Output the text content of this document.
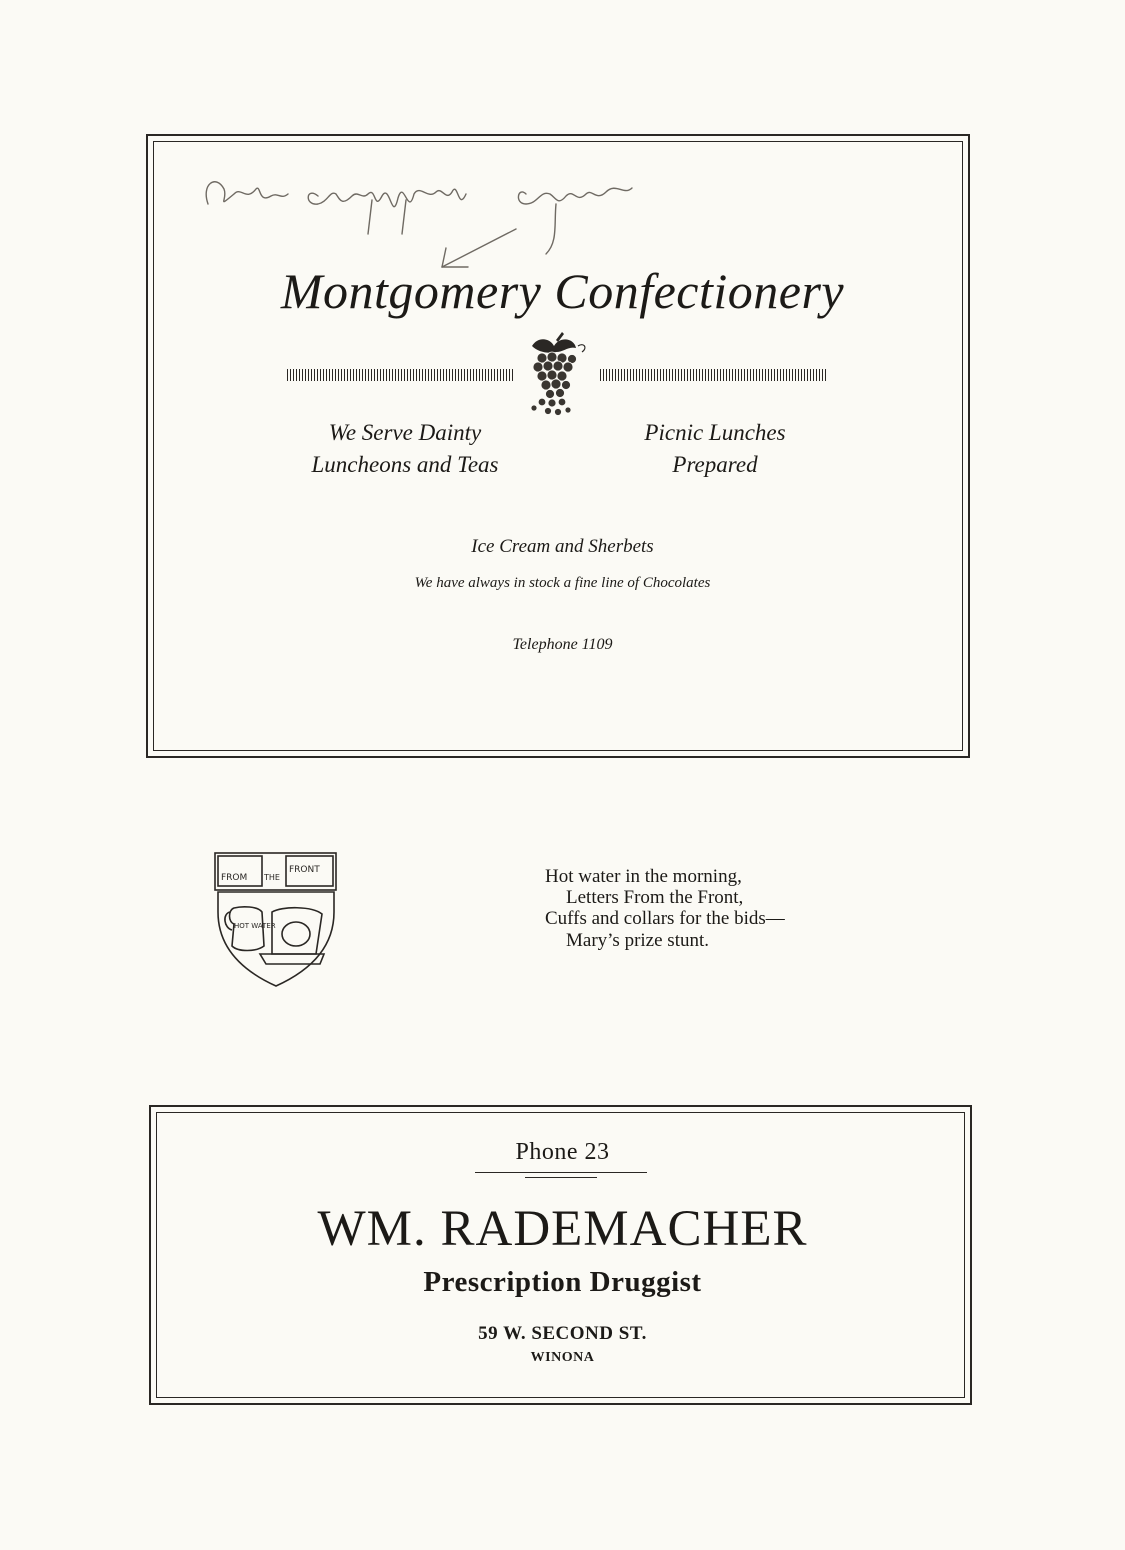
Montgomery Confectionery
We Serve Dainty
Luncheons and Teas
Picnic Lunches
Prepared
Ice Cream and Sherbets
We have always in stock a fine line of Chocolates
Telephone 1109
FROM THE
FRONT
HOT WATER
Hot water in the morning,
Letters From the Front,
Cuffs and collars for the bids—
Mary’s prize stunt.
Phone 23
WM. RADEMACHER
Prescription Druggist
59 W. SECOND ST.
WINONA
